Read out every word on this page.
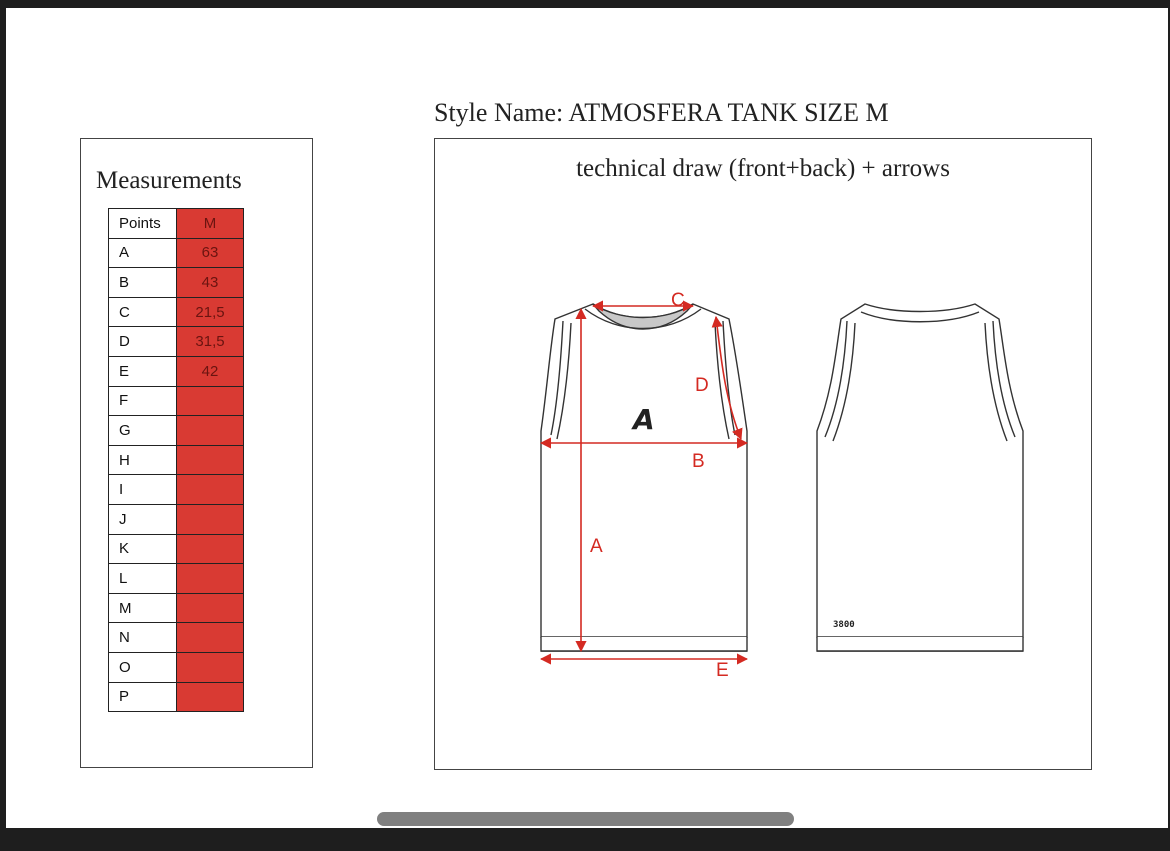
Style Name: ATMOSFERA TANK SIZE M
Measurements
Points	M
A	63
B	43
C	21,5
D	31,5
E	42
F	
G	
H	
I	
J	
K	
L	
M	
N	
O	
P	
technical draw (front+back) + arrows
3800
A
C
D
B
A
E
